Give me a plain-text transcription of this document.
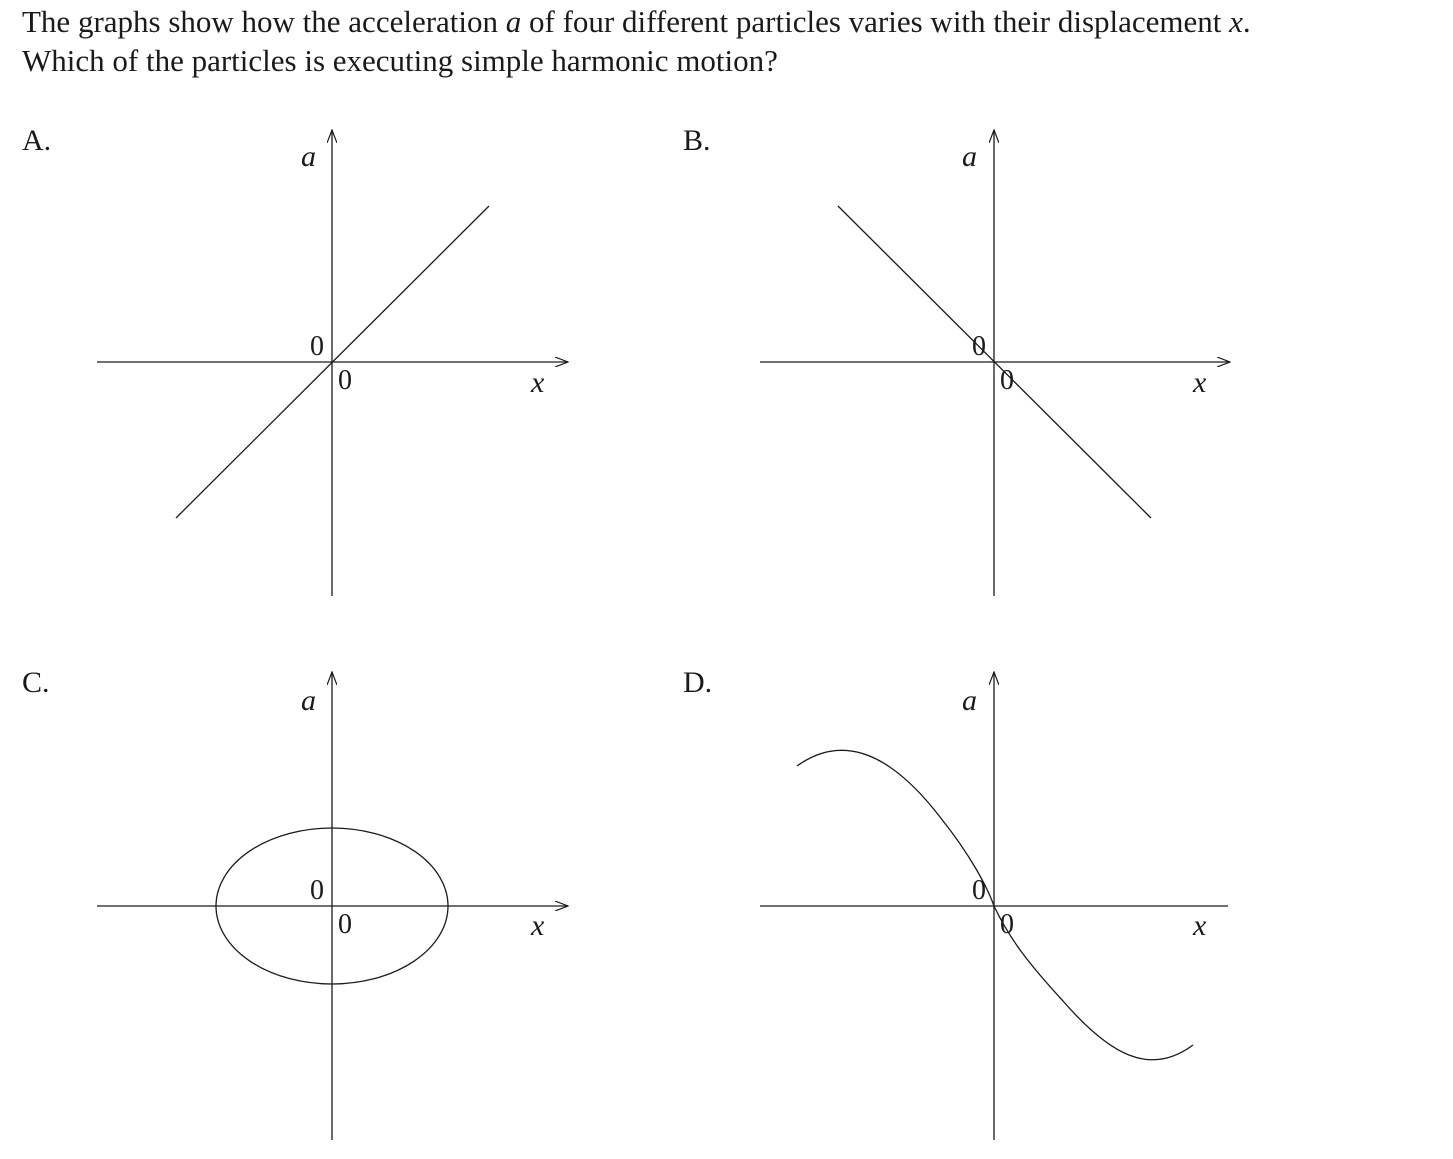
The graphs show how the acceleration a of four different particles varies with their displacement x.

Which of the particles is executing simple harmonic motion?

A.	B.
C.	D.
a
x
0
0
a
x
0
0
a
x
0
0
a
x
0
0
